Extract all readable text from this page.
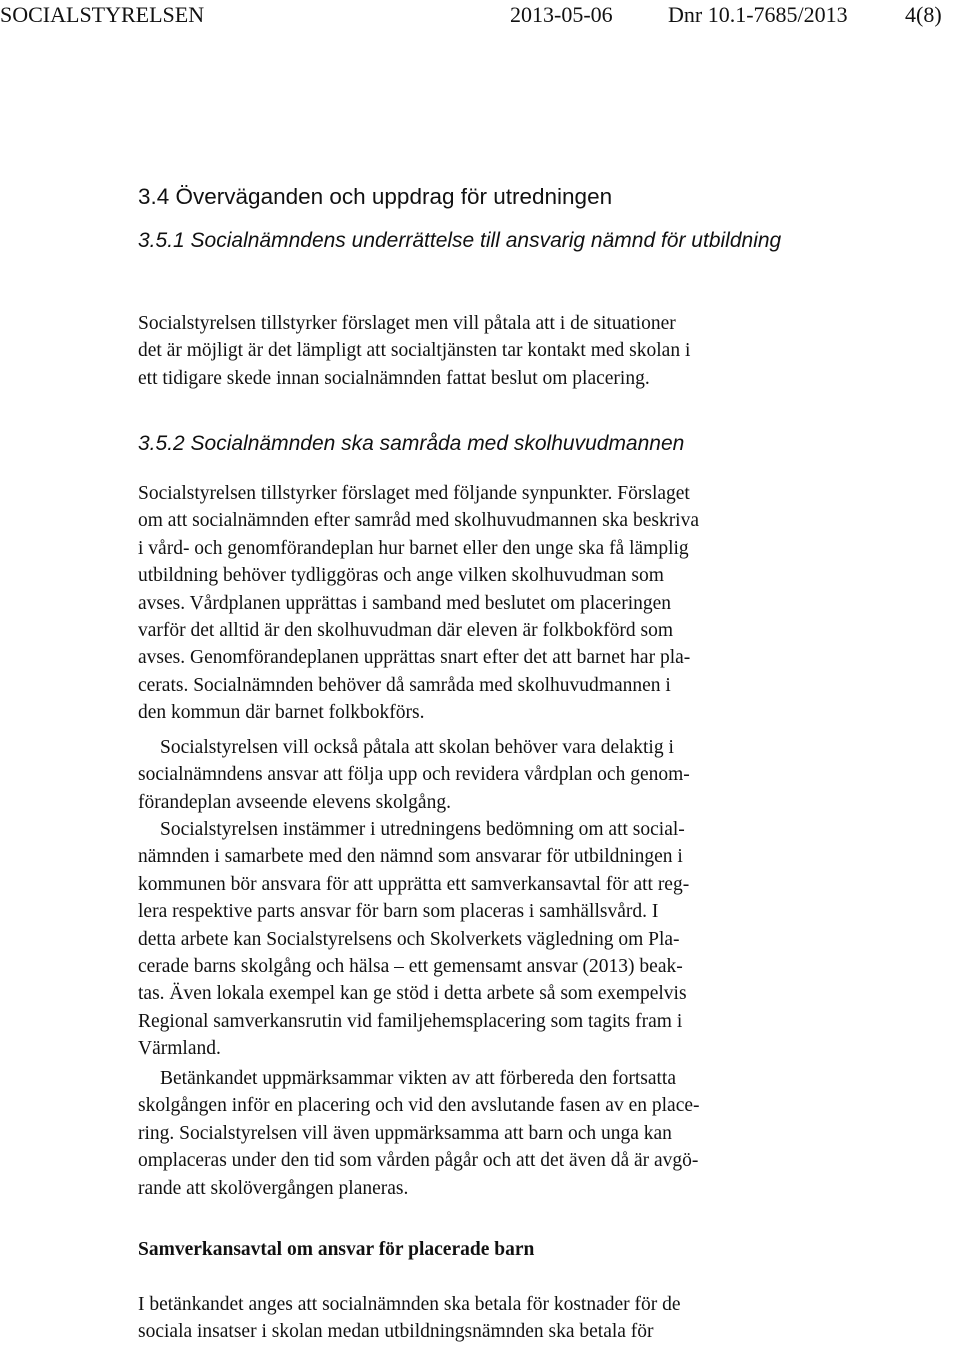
SOCIALSTYRELSEN	2013-05-06	Dnr 10.1-7685/2013	4(8)
3.4 Överväganden och uppdrag för utredningen
3.5.1 Socialnämndens underrättelse till ansvarig nämnd för utbildning

Socialstyrelsen tillstyrker förslaget men vill påtala att i de situationer
det är möjligt är det lämpligt att socialtjänsten tar kontakt med skolan i
ett tidigare skede innan socialnämnden fattat beslut om placering.

3.5.2 Socialnämnden ska samråda med skolhuvudmannen

Socialstyrelsen tillstyrker förslaget med följande synpunkter. Förslaget
om att socialnämnden efter samråd med skolhuvudmannen ska beskriva
i vård- och genomförandeplan hur barnet eller den unge ska få lämplig
utbildning behöver tydliggöras och ange vilken skolhuvudman som
avses. Vårdplanen upprättas i samband med beslutet om placeringen
varför det alltid är den skolhuvudman där eleven är folkbokförd som
avses. Genomförandeplanen upprättas snart efter det att barnet har pla-
cerats. Socialnämnden behöver då samråda med skolhuvudmannen i
den kommun där barnet folkbokförs.

Socialstyrelsen vill också påtala att skolan behöver vara delaktig i
socialnämndens ansvar att följa upp och revidera vårdplan och genom-
förandeplan avseende elevens skolgång.

Socialstyrelsen instämmer i utredningens bedömning om att social-
nämnden i samarbete med den nämnd som ansvarar för utbildningen i
kommunen bör ansvara för att upprätta ett samverkansavtal för att reg-
lera respektive parts ansvar för barn som placeras i samhällsvård. I
detta arbete kan Socialstyrelsens och Skolverkets vägledning om Pla-
cerade barns skolgång och hälsa – ett gemensamt ansvar (2013) beak-
tas. Även lokala exempel kan ge stöd i detta arbete så som exempelvis
Regional samverkansrutin vid familjehemsplacering som tagits fram i
Värmland.

Betänkandet uppmärksammar vikten av att förbereda den fortsatta
skolgången inför en placering och vid den avslutande fasen av en place-
ring. Socialstyrelsen vill även uppmärksamma att barn och unga kan
omplaceras under den tid som vården pågår och att det även då är avgö-
rande att skolövergången planeras.

Samverkansavtal om ansvar för placerade barn

I betänkandet anges att socialnämnden ska betala för kostnader för de
sociala insatser i skolan medan utbildningsnämnden ska betala för
